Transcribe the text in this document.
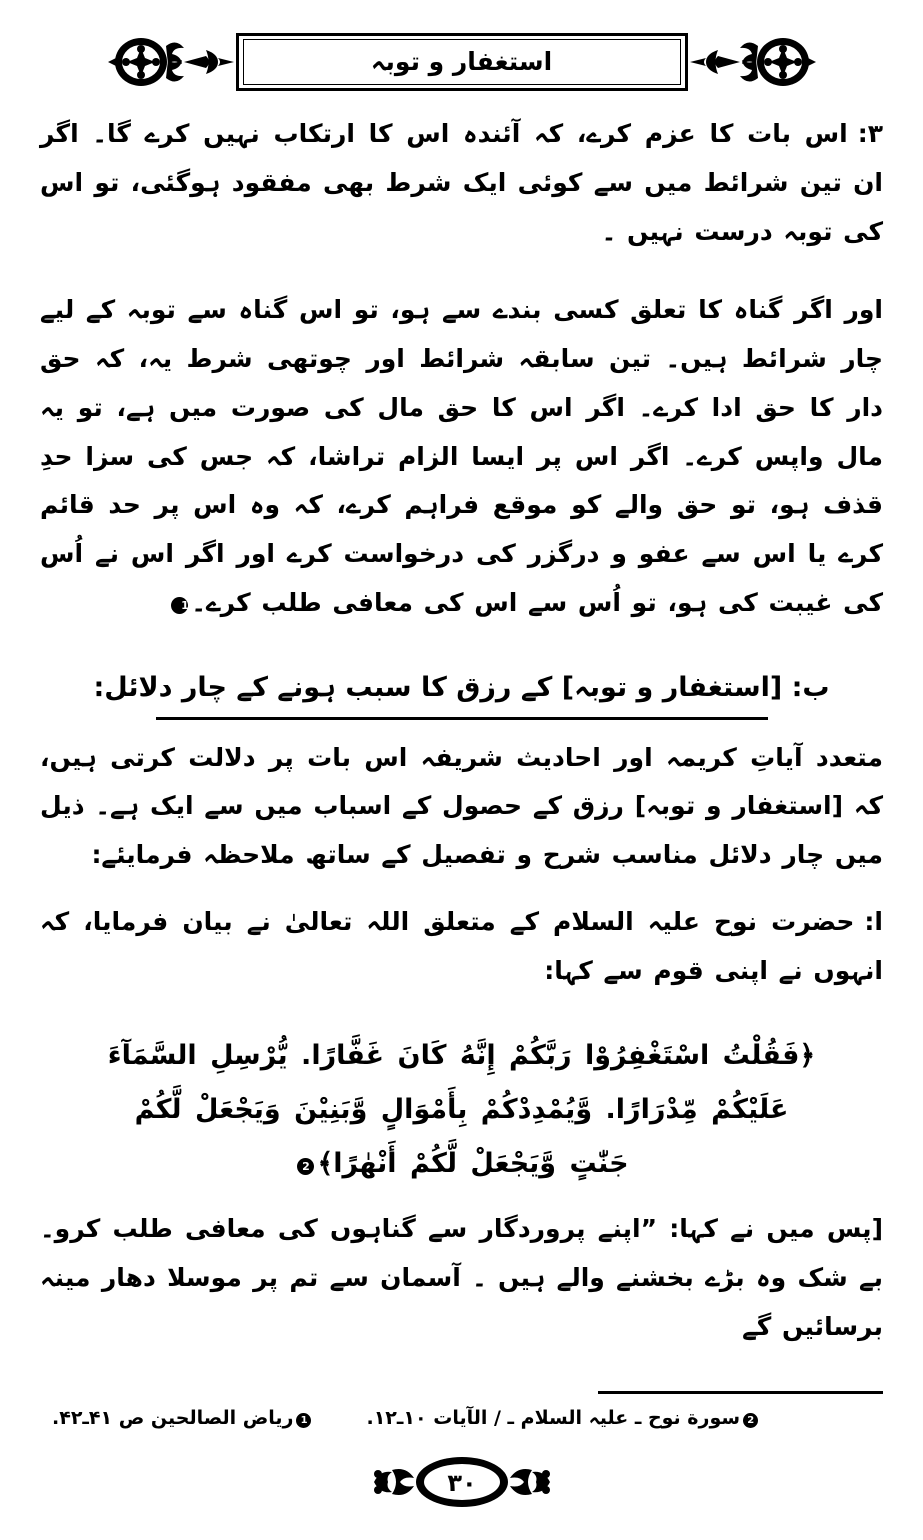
استغفار و توبہ

۳:اس بات کا عزم کرے، کہ آئندہ اس کا ارتکاب نہیں کرے گا۔ اگر ان تین شرائط میں سے کوئی ایک شرط بھی مفقود ہوگئی، تو اس کی توبہ درست نہیں ۔

اور اگر گناہ کا تعلق کسی بندے سے ہو، تو اس گناہ سے توبہ کے لیے چار شرائط ہیں۔ تین سابقہ شرائط اور چوتھی شرط یہ، کہ حق دار کا حق ادا کرے۔ اگر اس کا حق مال کی صورت میں ہے، تو یہ مال واپس کرے۔ اگر اس پر ایسا الزام تراشا، کہ جس کی سزا حدِ قذف ہو، تو حق والے کو موقع فراہم کرے، کہ وہ اس پر حد قائم کرے یا اس سے عفو و درگزر کی درخواست کرے اور اگر اس نے اُس کی غیبت کی ہو، تو اُس سے اس کی معافی طلب کرے۔1

ب: [استغفار و توبہ] کے رزق کا سبب ہونے کے چار دلائل:

متعدد آیاتِ کریمہ اور احادیث شریفہ اس بات پر دلالت کرتی ہیں، کہ [استغفار و توبہ] رزق کے حصول کے اسباب میں سے ایک ہے۔ ذیل میں چار دلائل مناسب شرح و تفصیل کے ساتھ ملاحظہ فرمایئے:

ا:حضرت نوح علیہ السلام کے متعلق اللہ تعالیٰ نے بیان فرمایا، کہ انہوں نے اپنی قوم سے کہا:

﴿فَقُلْتُ اسْتَغْفِرُوْا رَبَّكُمْ إِنَّهُ كَانَ غَفَّارًا. يُّرْسِلِ السَّمَآءَ
عَلَيْكُمْ مِّدْرَارًا. وَّيُمْدِدْكُمْ بِأَمْوَالٍ وَّبَنِيْنَ وَيَجْعَلْ لَّكُمْ
جَنّٰتٍ وَّيَجْعَلْ لَّكُمْ أَنْهٰرًا﴾2

[پس میں نے کہا: ”اپنے پروردگار سے گناہوں کی معافی طلب کرو۔ بے شک وہ بڑے بخشنے والے ہیں ۔ آسمان سے تم پر موسلا دھار مینہ برسائیں گے

1ریاض الصالحین ص ۴۱ـ۴۲.	2سورة نوح ـ علیہ السلام ـ / الآیات ۱۰ـ۱۲.
۳۰
